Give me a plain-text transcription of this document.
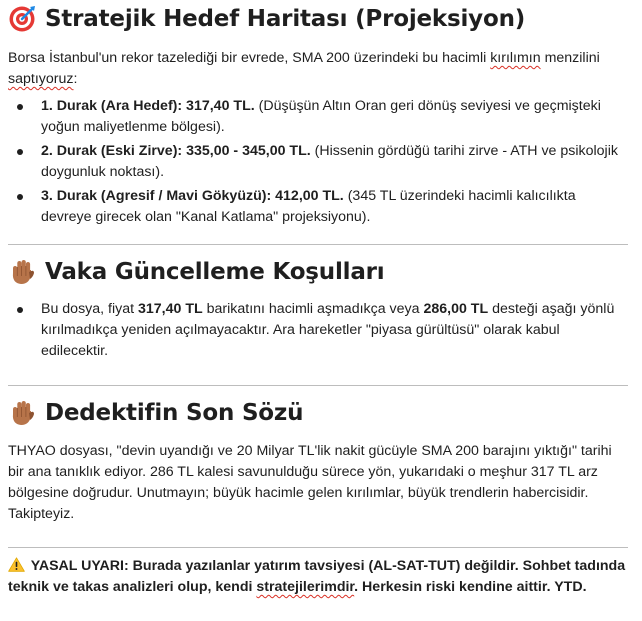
Stratejik Hedef Haritası (Projeksiyon)

Borsa İstanbul'un rekor tazelediği bir evrede, SMA 200 üzerindeki bu hacimli kırılımın menzilini saptıyoruz:

1. Durak (Ara Hedef): 317,40 TL. (Düşüşün Altın Oran geri dönüş seviyesi ve geçmişteki yoğun maliyetlenme bölgesi).
2. Durak (Eski Zirve): 335,00 - 345,00 TL. (Hissenin gördüğü tarihi zirve - ATH ve psikolojik doygunluk noktası).
3. Durak (Agresif / Mavi Gökyüzü): 412,00 TL. (345 TL üzerindeki hacimli kalıcılıkta devreye girecek olan "Kanal Katlama" projeksiyonu).
Vaka Güncelleme Koşulları
Bu dosya, fiyat 317,40 TL barikatını hacimli aşmadıkça veya 286,00 TL desteği aşağı yönlü kırılmadıkça yeniden açılmayacaktır. Ara hareketler "piyasa gürültüsü" olarak kabul edilecektir.
Dedektifin Son Sözü

THYAO dosyası, "devin uyandığı ve 20 Milyar TL'lik nakit gücüyle SMA 200 barajını yıktığı" tarihi bir ana tanıklık ediyor. 286 TL kalesi savunulduğu sürece yön, yukarıdaki o meşhur 317 TL arz bölgesine doğrudur. Unutmayın; büyük hacimle gelen kırılımlar, büyük trendlerin habercisidir. Takipteyiz.

YASAL UYARI: Burada yazılanlar yatırım tavsiyesi (AL-SAT-TUT) değildir. Sohbet tadında teknik ve takas analizleri olup, kendi stratejilerimdir. Herkesin riski kendine aittir. YTD.
